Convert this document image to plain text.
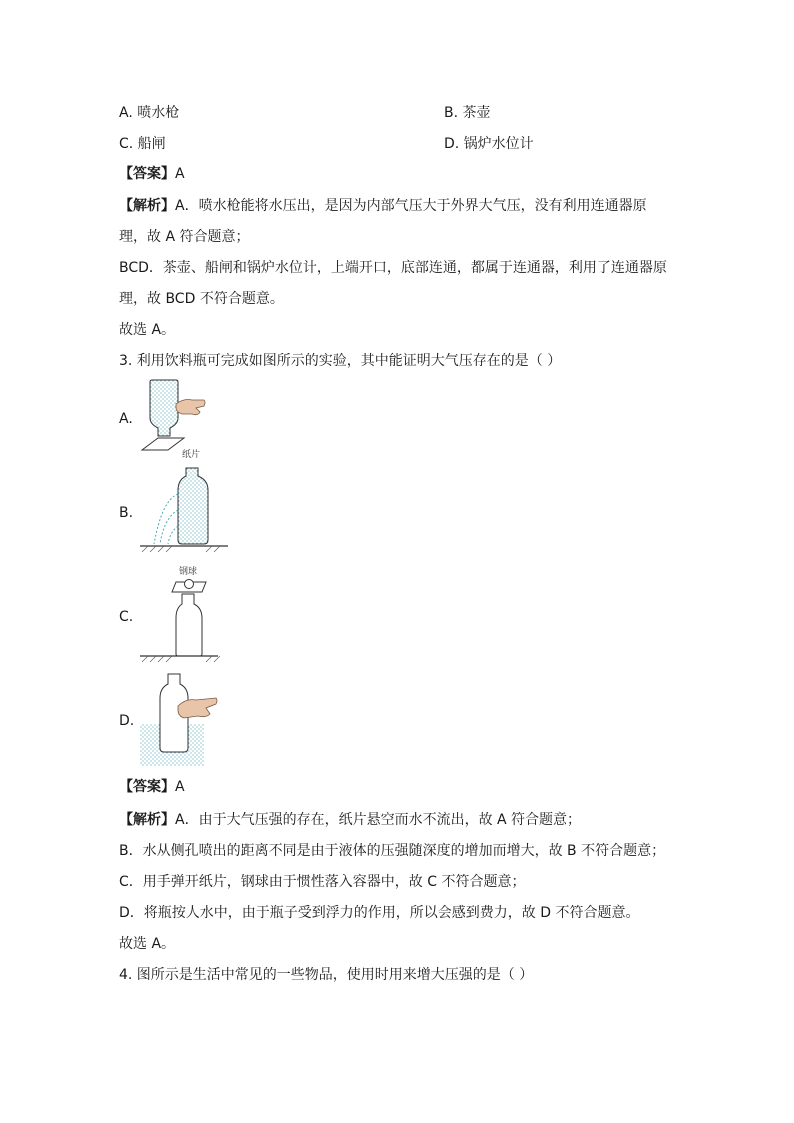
A. 喷水枪	B. 茶壶
C. 船闸	D. 锅炉水位计
【答案】A
【解析】A．喷水枪能将水压出，是因为内部气压大于外界大气压，没有利用连通器原
理，故 A 符合题意；
BCD．茶壶、船闸和锅炉水位计，上端开口，底部连通，都属于连通器，利用了连通器原
理，故 BCD 不符合题意。
故选 A。
3. 利用饮料瓶可完成如图所示的实验，其中能证明大气压存在的是（ ）
A.
B.
纸片
C.
钢球
D.
【答案】A
【解析】A．由于大气压强的存在，纸片悬空而水不流出，故 A 符合题意；
B．水从侧孔喷出的距离不同是由于液体的压强随深度的增加而增大，故 B 不符合题意；
C．用手弹开纸片，钢球由于惯性落入容器中，故 C 不符合题意；
D．将瓶按人水中，由于瓶子受到浮力的作用，所以会感到费力，故 D 不符合题意。
故选 A。
4. 图所示是生活中常见的一些物品，使用时用来增大压强的是（ ）
